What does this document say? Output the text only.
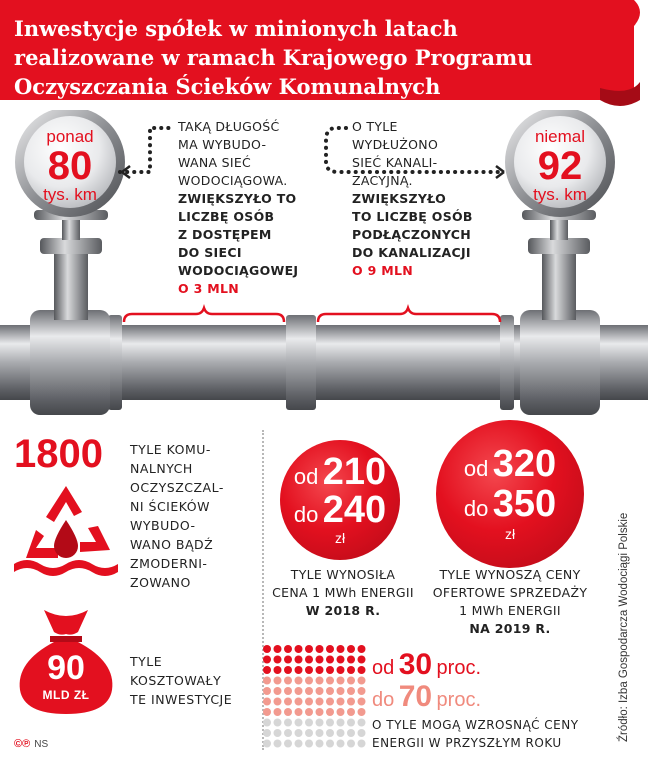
Inwestycje spółek w minionych latach
realizowane w ramach Krajowego Programu
Oczyszczania Ścieków Komunalnych
ponad
80
tys. km
niemal
92
tys. km
TAKĄ DŁUGOŚĆ
MA WYBUDO-
WANA SIEĆ
WODOCIĄGOWA.
ZWIĘKSZYŁO TO
LICZBĘ OSÓB
Z DOSTĘPEM
DO SIECI
WODOCIĄGOWEJ
O 3 MLN
O TYLE
WYDŁUŻONO
SIEĆ KANALI-
ZACYJNĄ.
ZWIĘKSZYŁO
TO LICZBĘ OSÓB
PODŁĄCZONYCH
DO KANALIZACJI
O 9 MLN
1800 TYLE KOMU-
NALNYCH
OCZYSZCZAL-
NI ŚCIEKÓW
WYBUDO-
WANO BĄDŹ
ZMODERNI-
ZOWANO
90
MLD ZŁ
TYLE
KOSZTOWAŁY
TE INWESTYCJE
od 210
do 240
zł
TYLE WYNOSIŁA
CENA 1 MWh ENERGII
W 2018 R.
od 320
do 350
zł
TYLE WYNOSZĄ CENY
OFERTOWE SPRZEDAŻY
1 MWh ENERGII
NA 2019 R.
od 30 proc.
do 70 proc.
O TYLE MOGĄ WZROSNĄĆ CENY
ENERGII W PRZYSZŁYM ROKU
Źródło: Izba Gospodarcza Wodociągi Polskie
©℗ NS
